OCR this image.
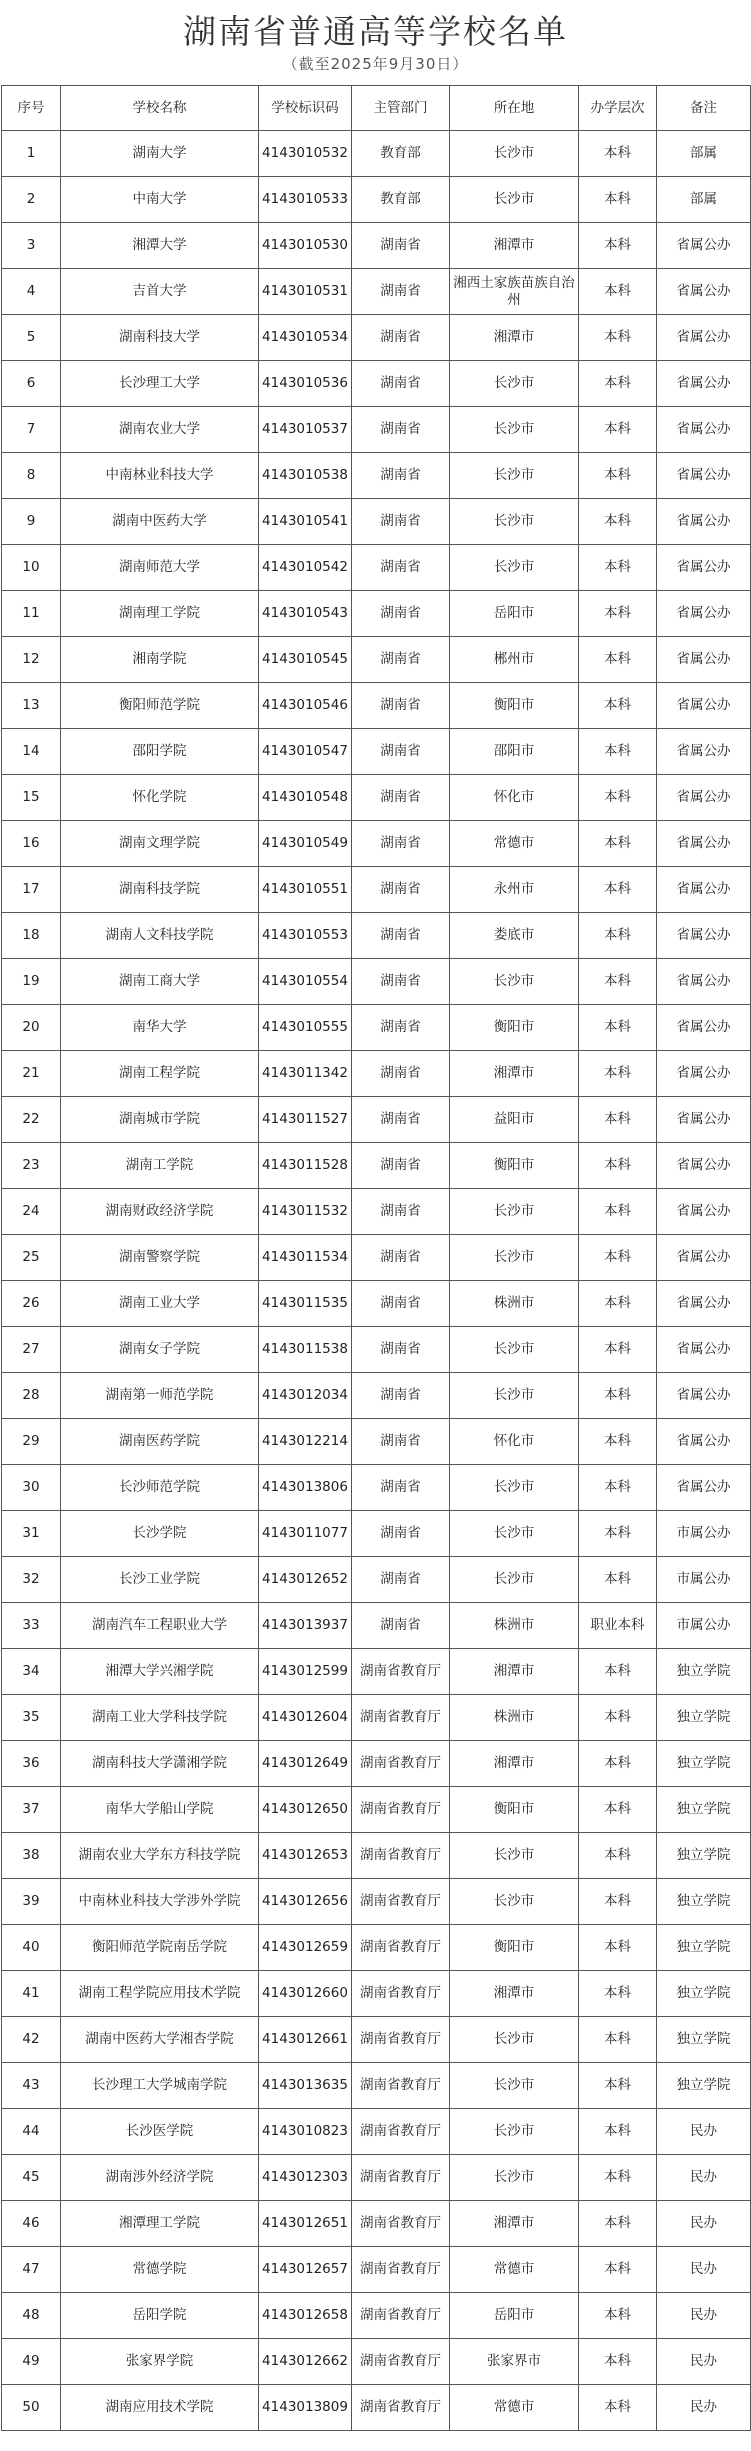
湖南省普通高等学校名单
（截至2025年9月30日）
序号	学校名称	学校标识码	主管部门	所在地	办学层次	备注
1	湖南大学	4143010532	教育部	长沙市	本科	部属
2	中南大学	4143010533	教育部	长沙市	本科	部属
3	湘潭大学	4143010530	湖南省	湘潭市	本科	省属公办
4	吉首大学	4143010531	湖南省	湘西土家族苗族自治州	本科	省属公办
5	湖南科技大学	4143010534	湖南省	湘潭市	本科	省属公办
6	长沙理工大学	4143010536	湖南省	长沙市	本科	省属公办
7	湖南农业大学	4143010537	湖南省	长沙市	本科	省属公办
8	中南林业科技大学	4143010538	湖南省	长沙市	本科	省属公办
9	湖南中医药大学	4143010541	湖南省	长沙市	本科	省属公办
10	湖南师范大学	4143010542	湖南省	长沙市	本科	省属公办
11	湖南理工学院	4143010543	湖南省	岳阳市	本科	省属公办
12	湘南学院	4143010545	湖南省	郴州市	本科	省属公办
13	衡阳师范学院	4143010546	湖南省	衡阳市	本科	省属公办
14	邵阳学院	4143010547	湖南省	邵阳市	本科	省属公办
15	怀化学院	4143010548	湖南省	怀化市	本科	省属公办
16	湖南文理学院	4143010549	湖南省	常德市	本科	省属公办
17	湖南科技学院	4143010551	湖南省	永州市	本科	省属公办
18	湖南人文科技学院	4143010553	湖南省	娄底市	本科	省属公办
19	湖南工商大学	4143010554	湖南省	长沙市	本科	省属公办
20	南华大学	4143010555	湖南省	衡阳市	本科	省属公办
21	湖南工程学院	4143011342	湖南省	湘潭市	本科	省属公办
22	湖南城市学院	4143011527	湖南省	益阳市	本科	省属公办
23	湖南工学院	4143011528	湖南省	衡阳市	本科	省属公办
24	湖南财政经济学院	4143011532	湖南省	长沙市	本科	省属公办
25	湖南警察学院	4143011534	湖南省	长沙市	本科	省属公办
26	湖南工业大学	4143011535	湖南省	株洲市	本科	省属公办
27	湖南女子学院	4143011538	湖南省	长沙市	本科	省属公办
28	湖南第一师范学院	4143012034	湖南省	长沙市	本科	省属公办
29	湖南医药学院	4143012214	湖南省	怀化市	本科	省属公办
30	长沙师范学院	4143013806	湖南省	长沙市	本科	省属公办
31	长沙学院	4143011077	湖南省	长沙市	本科	市属公办
32	长沙工业学院	4143012652	湖南省	长沙市	本科	市属公办
33	湖南汽车工程职业大学	4143013937	湖南省	株洲市	职业本科	市属公办
34	湘潭大学兴湘学院	4143012599	湖南省教育厅	湘潭市	本科	独立学院
35	湖南工业大学科技学院	4143012604	湖南省教育厅	株洲市	本科	独立学院
36	湖南科技大学潇湘学院	4143012649	湖南省教育厅	湘潭市	本科	独立学院
37	南华大学船山学院	4143012650	湖南省教育厅	衡阳市	本科	独立学院
38	湖南农业大学东方科技学院	4143012653	湖南省教育厅	长沙市	本科	独立学院
39	中南林业科技大学涉外学院	4143012656	湖南省教育厅	长沙市	本科	独立学院
40	衡阳师范学院南岳学院	4143012659	湖南省教育厅	衡阳市	本科	独立学院
41	湖南工程学院应用技术学院	4143012660	湖南省教育厅	湘潭市	本科	独立学院
42	湖南中医药大学湘杏学院	4143012661	湖南省教育厅	长沙市	本科	独立学院
43	长沙理工大学城南学院	4143013635	湖南省教育厅	长沙市	本科	独立学院
44	长沙医学院	4143010823	湖南省教育厅	长沙市	本科	民办
45	湖南涉外经济学院	4143012303	湖南省教育厅	长沙市	本科	民办
46	湘潭理工学院	4143012651	湖南省教育厅	湘潭市	本科	民办
47	常德学院	4143012657	湖南省教育厅	常德市	本科	民办
48	岳阳学院	4143012658	湖南省教育厅	岳阳市	本科	民办
49	张家界学院	4143012662	湖南省教育厅	张家界市	本科	民办
50	湖南应用技术学院	4143013809	湖南省教育厅	常德市	本科	民办
